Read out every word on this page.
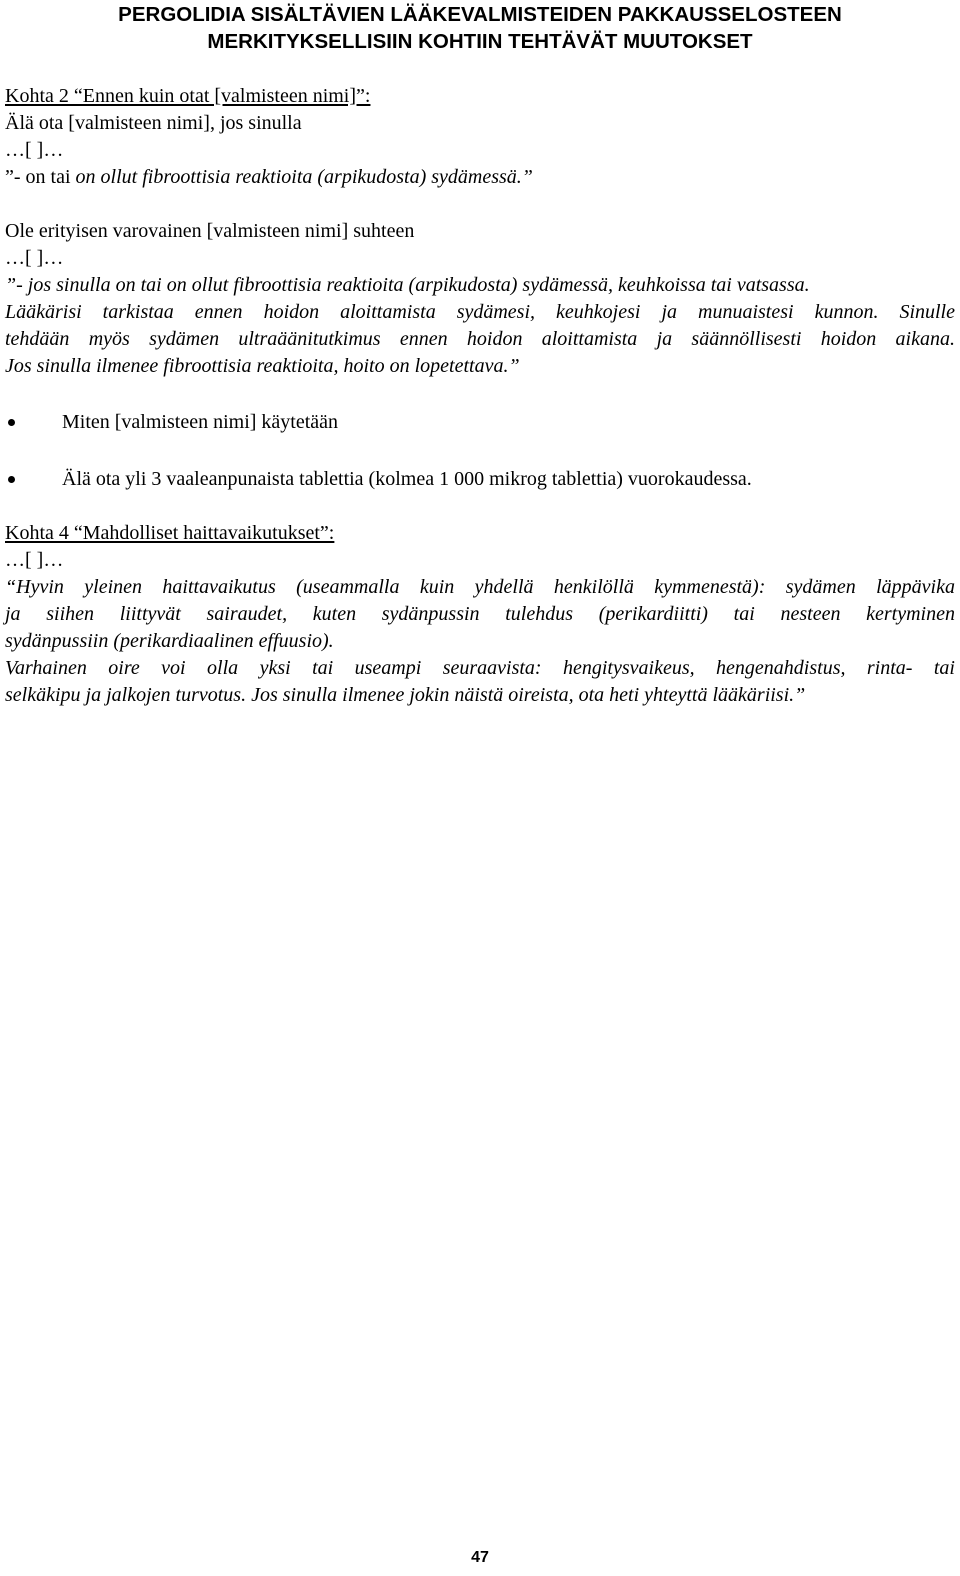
PERGOLIDIA SISÄLTÄVIEN LÄÄKEVALMISTEIDEN PAKKAUSSELOSTEEN
MERKITYKSELLISIIN KOHTIIN TEHTÄVÄT MUUTOKSET
Kohta 2 “Ennen kuin otat [valmisteen nimi]”:
Älä ota [valmisteen nimi], jos sinulla
…[ ]…
”- on tai on ollut fibroottisia reaktioita (arpikudosta) sydämessä.”
Ole erityisen varovainen [valmisteen nimi] suhteen
…[ ]…
”- jos sinulla on tai on ollut fibroottisia reaktioita (arpikudosta) sydämessä, keuhkoissa tai vatsassa.
Lääkärisi tarkistaa ennen hoidon aloittamista sydämesi, keuhkojesi ja munuaistesi kunnon. Sinulle
tehdään myös sydämen ultraäänitutkimus ennen hoidon aloittamista ja säännöllisesti hoidon aikana.
Jos sinulla ilmenee fibroottisia reaktioita, hoito on lopetettava.”
Miten [valmisteen nimi] käytetään
Älä ota yli 3 vaaleanpunaista tablettia (kolmea 1 000 mikrog tablettia) vuorokaudessa.
Kohta 4 “Mahdolliset haittavaikutukset”:
…[ ]…
“Hyvin yleinen haittavaikutus (useammalla kuin yhdellä henkilöllä kymmenestä): sydämen läppävika
ja siihen liittyvät sairaudet, kuten sydänpussin tulehdus (perikardiitti) tai nesteen kertyminen
sydänpussiin (perikardiaalinen effuusio).
Varhainen oire voi olla yksi tai useampi seuraavista: hengitysvaikeus, hengenahdistus, rinta- tai
selkäkipu ja jalkojen turvotus. Jos sinulla ilmenee jokin näistä oireista, ota heti yhteyttä lääkäriisi.”
47
